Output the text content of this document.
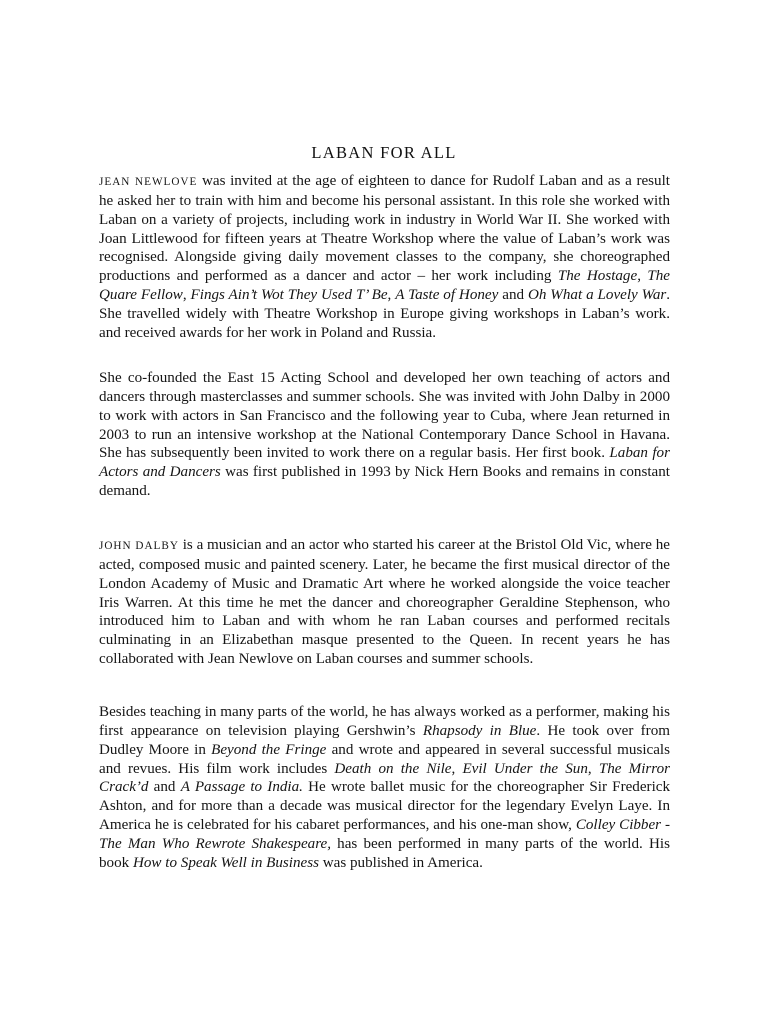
LABAN FOR ALL

JEAN NEWLOVE was invited at the age of eighteen to dance for Rudolf Laban and as a result he asked her to train with him and become his personal assistant. In this role she worked with Laban on a variety of projects, including work in industry in World War II. She worked with Joan Littlewood for fifteen years at Theatre Workshop where the value of Laban’s work was recognised. Alongside giving daily movement classes to the company, she choreographed productions and performed as a dancer and actor – her work including The Hostage, The Quare Fellow, Fings Ain’t Wot They Used T’ Be, A Taste of Honey and Oh What a Lovely War. She travelled widely with Theatre Workshop in Europe giving workshops in Laban’s work. and received awards for her work in Poland and Russia.

She co-founded the East 15 Acting School and developed her own teaching of actors and dancers through masterclasses and summer schools. She was invited with John Dalby in 2000 to work with actors in San Francisco and the following year to Cuba, where Jean returned in 2003 to run an intensive workshop at the National Contemporary Dance School in Havana. She has subsequently been invited to work there on a regular basis. Her first book. Laban for Actors and Dancers was first published in 1993 by Nick Hern Books and remains in constant demand.

JOHN DALBY is a musician and an actor who started his career at the Bristol Old Vic, where he acted, composed music and painted scenery. Later, he became the first musical director of the London Academy of Music and Dramatic Art where he worked alongside the voice teacher Iris Warren. At this time he met the dancer and choreographer Geraldine Stephenson, who introduced him to Laban and with whom he ran Laban courses and performed recitals culminating in an Elizabethan masque presented to the Queen. In recent years he has collaborated with Jean Newlove on Laban courses and summer schools.

Besides teaching in many parts of the world, he has always worked as a performer, making his first appearance on television playing Gershwin’s Rhapsody in Blue. He took over from Dudley Moore in Beyond the Fringe and wrote and appeared in several successful musicals and revues. His film work includes Death on the Nile, Evil Under the Sun, The Mirror Crack’d and A Passage to India. He wrote ballet music for the choreographer Sir Frederick Ashton, and for more than a decade was musical director for the legendary Evelyn Laye. In America he is celebrated for his cabaret performances, and his one-man show, Colley Cibber - The Man Who Rewrote Shakespeare, has been performed in many parts of the world. His book How to Speak Well in Business was published in America.
